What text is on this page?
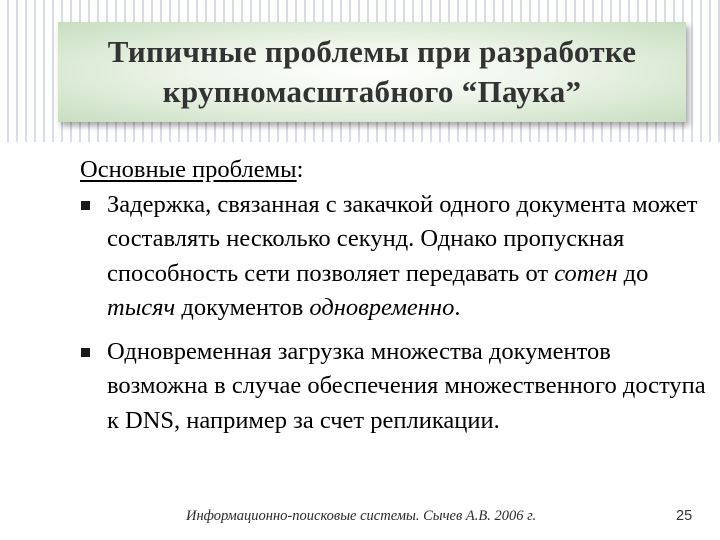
Типичные проблемы при разработке
крупномасштабного “Паука”
Основные проблемы:
Задержка, связанная с закачкой одного документа может составлять несколько секунд. Однако пропускная способность сети позволяет передавать от сотен до тысяч документов одновременно.
Одновременная загрузка множества документов возможна в случае обеспечения множественного доступа к DNS, например за счет репликации.
Информационно-поисковые системы. Сычев А.В. 2006 г.	25
